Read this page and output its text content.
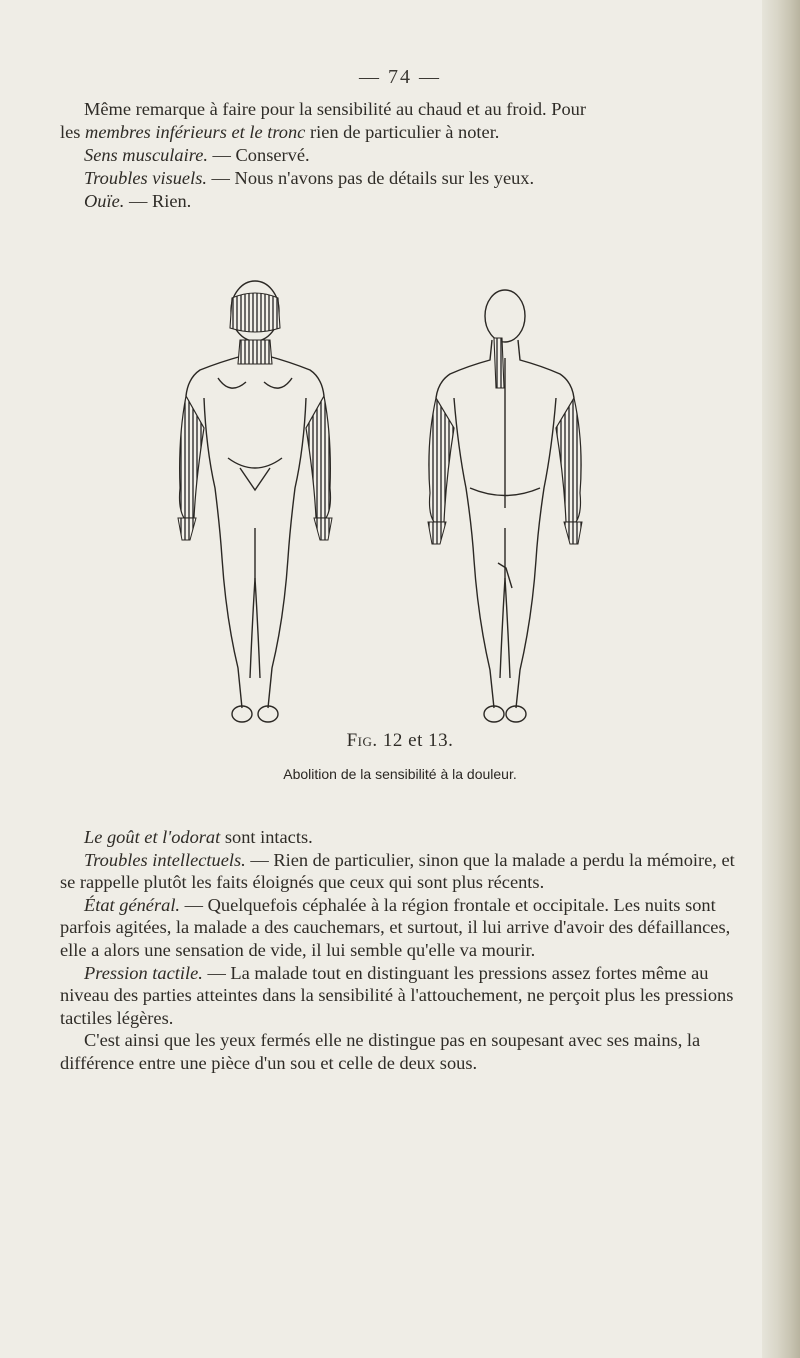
— 74 —

Même remarque à faire pour la sensibilité au chaud et au froid. Pour

les membres inférieurs et le tronc rien de particulier à noter.

Sens musculaire. — Conservé.

Troubles visuels. — Nous n'avons pas de détails sur les yeux.

Ouïe. — Rien.

Fig. 12 et 13.
Abolition de la sensibilité à la douleur.

Le goût et l'odorat sont intacts.

Troubles intellectuels. — Rien de particulier, sinon que la malade a perdu la mémoire, et se rappelle plutôt les faits éloignés que ceux qui sont plus récents.

État général. — Quelquefois céphalée à la région frontale et occipitale. Les nuits sont parfois agitées, la malade a des cauchemars, et surtout, il lui arrive d'avoir des défaillances, elle a alors une sensation de vide, il lui semble qu'elle va mourir.

Pression tactile. — La malade tout en distinguant les pressions assez fortes même au niveau des parties atteintes dans la sensibilité à l'attouchement, ne perçoit plus les pressions tactiles légères.

C'est ainsi que les yeux fermés elle ne distingue pas en soupesant avec ses mains, la différence entre une pièce d'un sou et celle de deux sous.
